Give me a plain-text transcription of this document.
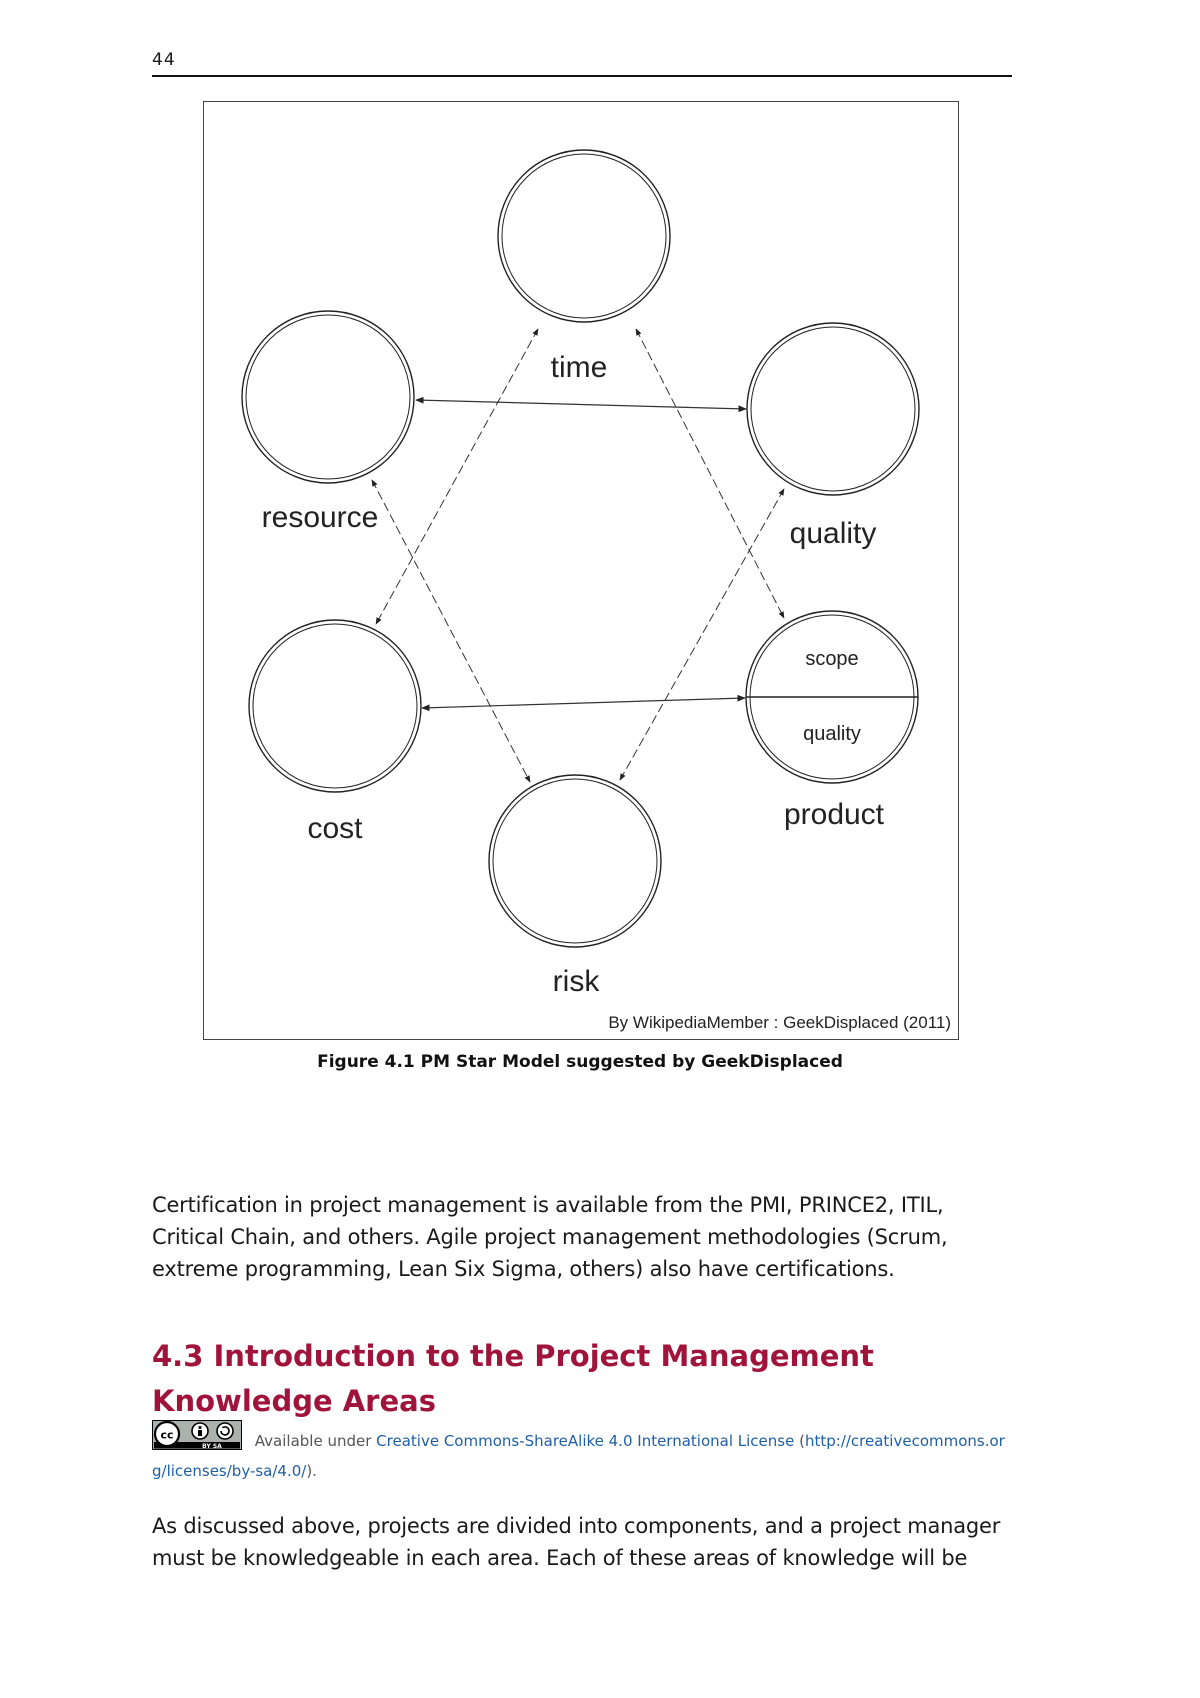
44
time
resource	quality
scope
quality
product
cost
risk
By WikipediaMember : GeekDisplaced (2011)
Figure 4.1 PM Star Model suggested by GeekDisplaced

Certification in project management is available from the PMI, PRINCE2, ITIL, Critical Chain, and others. Agile project management methodologies (Scrum, extreme programming, Lean Six Sigma, others) also have certifications.

4.3 Introduction to the Project Management Knowledge Areas
cc
BY SA Available under Creative Commons-ShareAlike 4.0 International License (http://creativecommons.org/licenses/by-sa/4.0/).

As discussed above, projects are divided into components, and a project manager must be knowledgeable in each area. Each of these areas of knowledge will be
